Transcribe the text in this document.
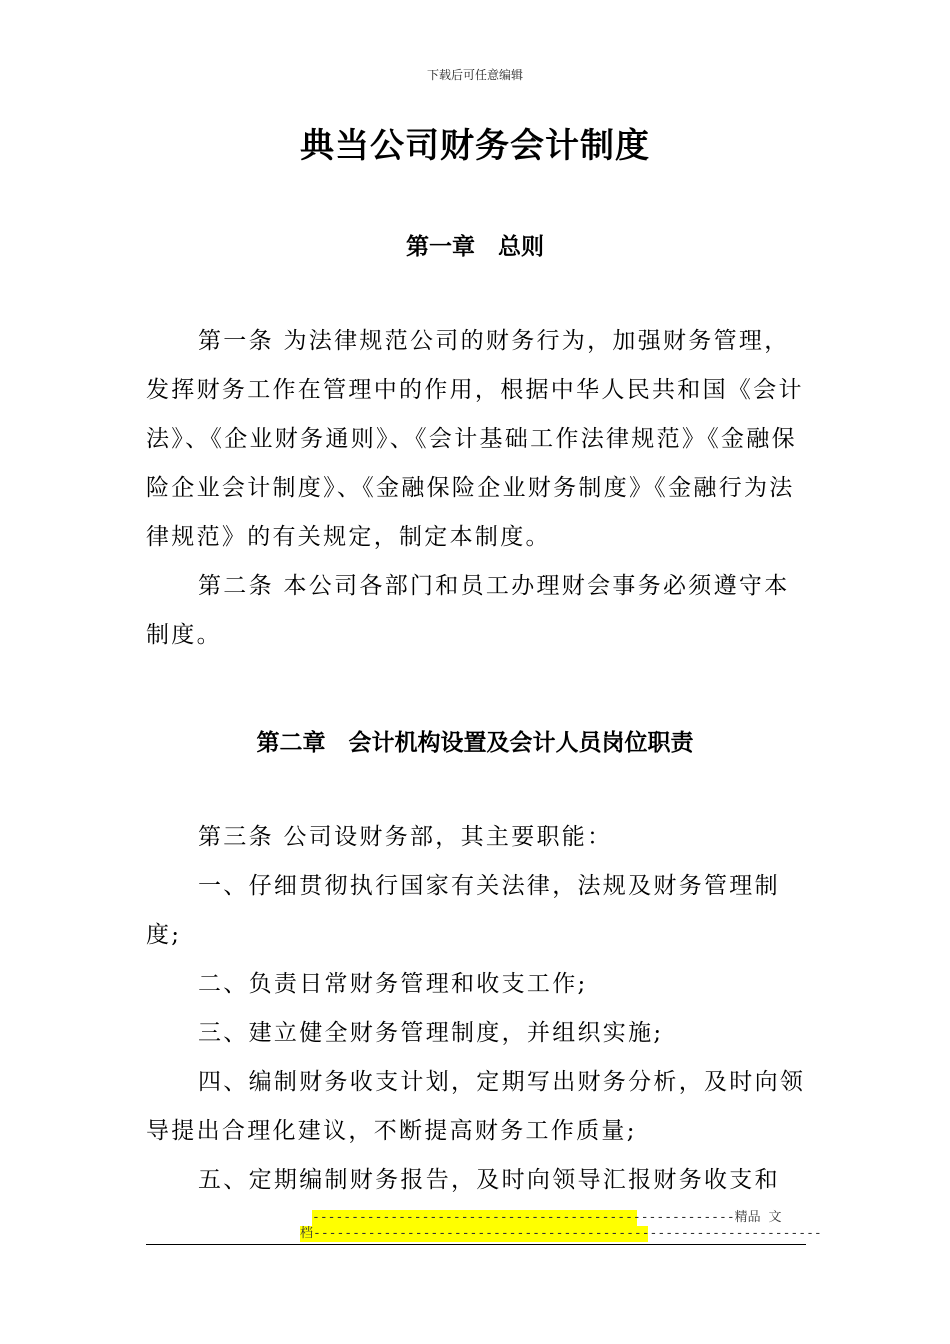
下载后可任意编辑
典当公司财务会计制度
第一章　总则
第一条 为法律规范公司的财务行为，加强财务管理，发挥财务工作在管理中的作用，根据中华人民共和国《会计法》、《企业财务通则》、《会计基础工作法律规范》《金融保险企业会计制度》、《金融保险企业财务制度》《金融行为法律规范》的有关规定，制定本制度。
第二条 本公司各部门和员工办理财会事务必须遵守本制度。
第二章　会计机构设置及会计人员岗位职责
第三条 公司设财务部，其主要职能：
一、仔细贯彻执行国家有关法律，法规及财务管理制度;
二、负责日常财务管理和收支工作;
三、建立健全财务管理制度，并组织实施;
四、编制财务收支计划，定期写出财务分析，及时向领导提出合理化建议，不断提高财务工作质量;
五、定期编制财务报告，及时向领导汇报财务收支和
------------------------------------------------------精品 文
档-----------------------------------------------------------------
